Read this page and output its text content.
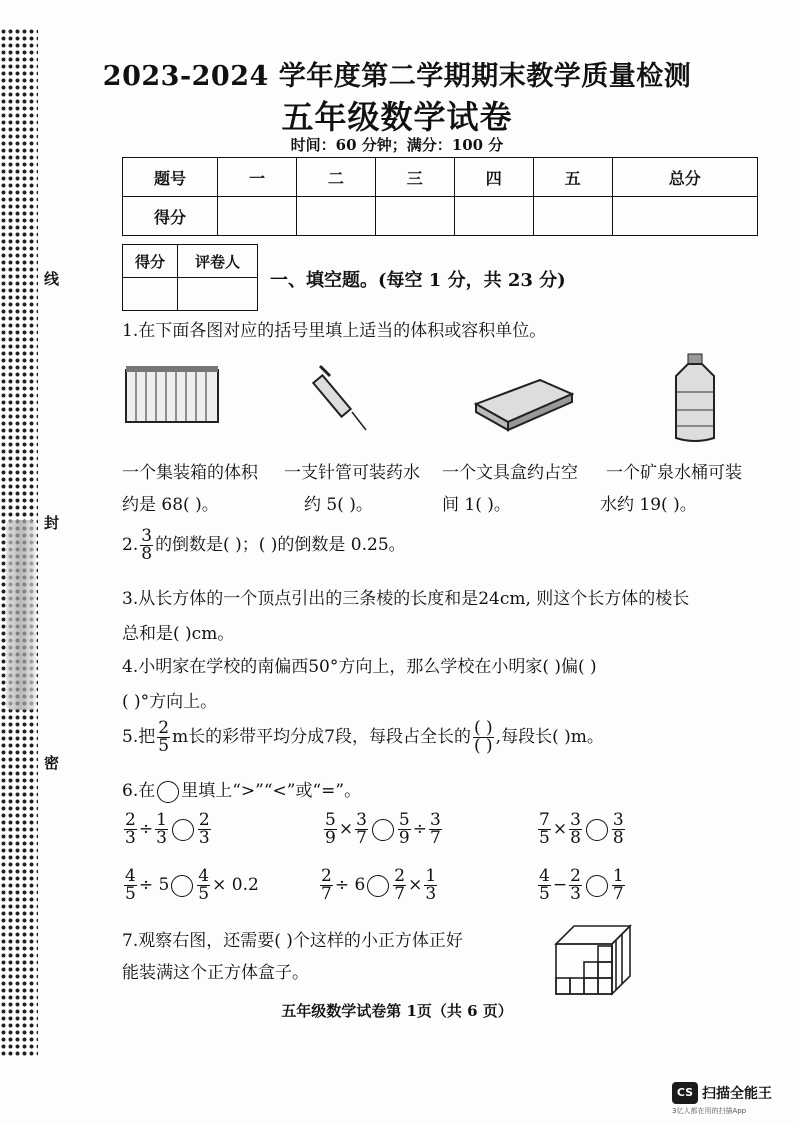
线
封
密
2023-2024 学年度第二学期期末教学质量检测
五年级数学试卷
时间：60 分钟；满分：100 分
题号	一	二	三	四	五	总分
得分						
得分	评卷人

一、填空题。(每空 1 分，共 23 分)
1.在下面各图对应的括号里填上适当的体积或容积单位。
一个集装箱的体积
约是 68( )。
一支针管可装药水
约 5( )。
一个文具盒约占空
间 1( )。
一个矿泉水桶可装
水约 19( )。
2. $\frac{3}{8}$ 的倒数是( )；( )的倒数是 0.25。
3.从长方体的一个顶点引出的三条棱的长度和是24cm, 则这个长方体的棱长
总和是( )cm。
4.小明家在学校的南偏西50°方向上，那么学校在小明家( )偏( )
( )°方向上。
5.把 $\frac{2}{5}$ m长的彩带平均分成7段，每段占全长的 $\frac{( )}{( )}$ ,每段长( )m。
6.在 里填上“>”“<”或“=”。
$\frac{2}{3} \div \frac{1}{3} \frac{2}{3}$	$\frac{5}{9} \times \frac{3}{7} \frac{5}{9} \div \frac{3}{7}$	$\frac{7}{5} \times \frac{3}{8} \frac{3}{8}$
$\frac{4}{5} \div 5 \frac{4}{5} \times 0.2$	$\frac{2}{7} \div 6 \frac{2}{7} \times \frac{1}{3}$	$\frac{4}{5} - \frac{2}{3} \frac{1}{7}$
7.观察右图，还需要( )个这样的小正方体正好
能装满这个正方体盒子。
五年级数学试卷第 1页（共 6 页）
CS 扫描全能王
3亿人都在用的扫描App
